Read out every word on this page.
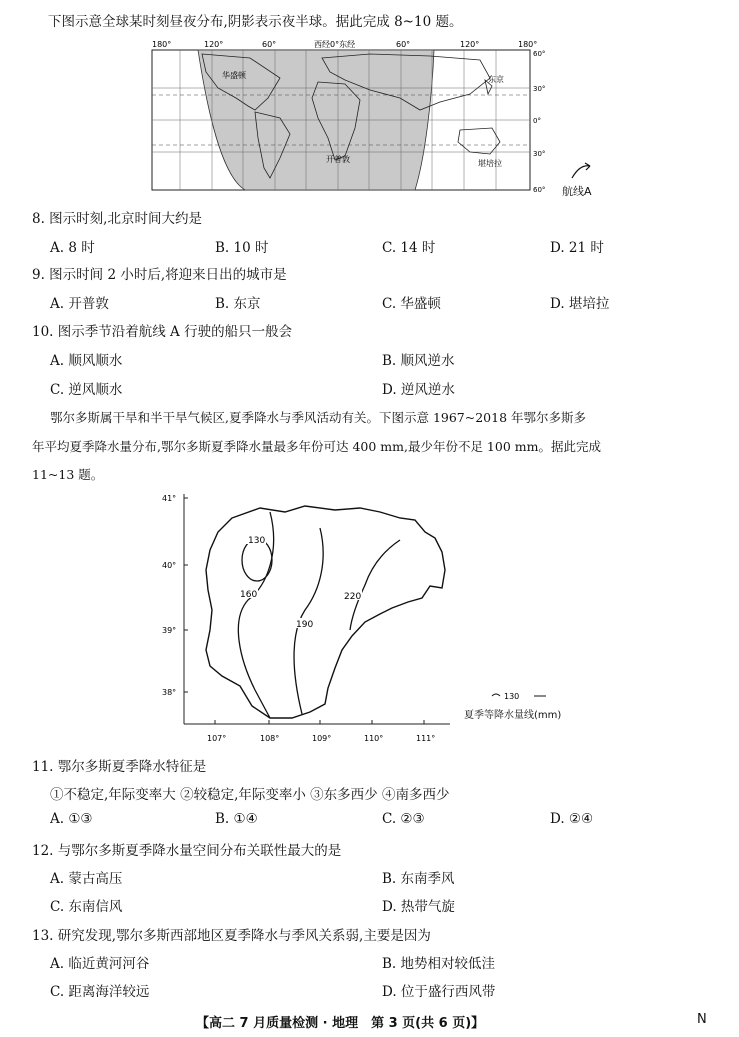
下图示意全球某时刻昼夜分布,阴影表示夜半球。据此完成 8~10 题。
180°	120°	60°	西经0°东经	60°	120°	180°
华盛顿
开普敦
东京
堪培拉
60°
30°
0°
30°
60° 航线A
8. 图示时刻,北京时间大约是
A. 8 时	B. 10 时	C. 14 时	D. 21 时
9. 图示时间 2 小时后,将迎来日出的城市是
A. 开普敦	B. 东京	C. 华盛顿	D. 堪培拉
10. 图示季节沿着航线 A 行驶的船只一般会
A. 顺风顺水	B. 顺风逆水
C. 逆风顺水	D. 逆风逆水
鄂尔多斯属干旱和半干旱气候区,夏季降水与季风活动有关。下图示意 1967~2018 年鄂尔多斯多
年平均夏季降水量分布,鄂尔多斯夏季降水量最多年份可达 400 mm,最少年份不足 100 mm。据此完成
11~13 题。
41°
40°
39°
38°
107°	108°	109°	110°	111°
130
160
190
220
130
夏季等降水量线(mm)
11. 鄂尔多斯夏季降水特征是
①不稳定,年际变率大 ②较稳定,年际变率小 ③东多西少 ④南多西少
A. ①③	B. ①④	C. ②③	D. ②④
12. 与鄂尔多斯夏季降水量空间分布关联性最大的是
A. 蒙古高压	B. 东南季风
C. 东南信风	D. 热带气旋
13. 研究发现,鄂尔多斯西部地区夏季降水与季风关系弱,主要是因为
A. 临近黄河河谷	B. 地势相对较低洼
C. 距离海洋较远	D. 位于盛行西风带
【高二 7 月质量检测 · 地理　第 3 页(共 6 页)】	N
